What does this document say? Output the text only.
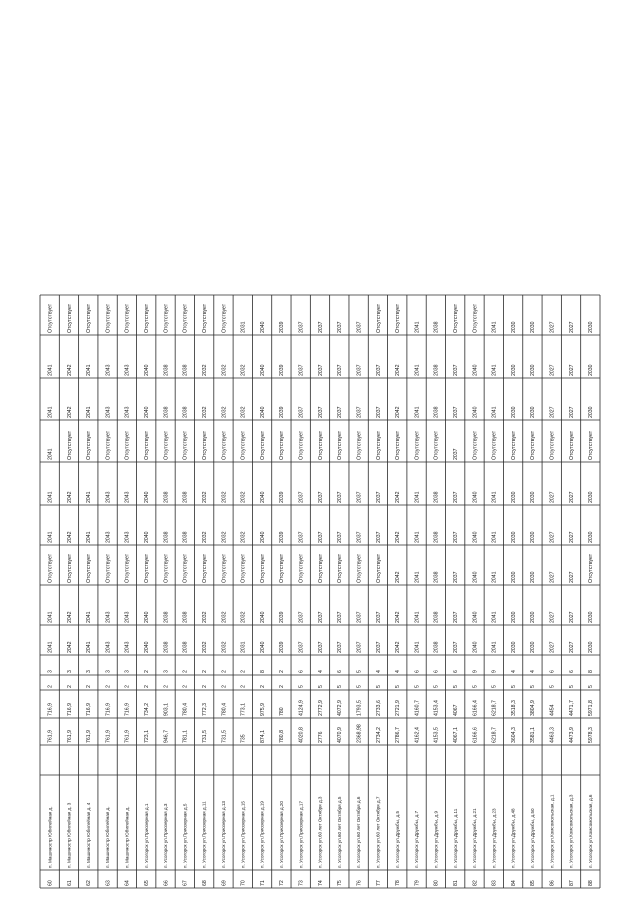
60
п. Машиностр Юбилейная д.
761,9
716,9
2
3
2041
2041
Отсутствует
2041
2041
2041
2041
2041
Отсутствует
61
п. Машиностр Юбилейная д. 3
761,9
716,9
2
3
2042
2042
Отсутствует
2042
2042
Отсутствует
2042
2042
Отсутствует
62
п. Машиностр Юбилейная д. 4
761,9
716,9
2
3
2041
2041
Отсутствует
2041
2041
Отсутствует
2041
2041
Отсутствует
63
п. Машиностр Юбилейная д.
761,9
716,9
2
3
2043
2043
Отсутствует
2043
2043
Отсутствует
2043
2043
Отсутствует
64
п. Машиностр Юбилейная д.
761,9
716,9
2
3
2043
2043
Отсутствует
2043
2043
Отсутствует
2043
2043
Отсутствует
65
п. Усогорск ул.Приозерная д.1
723,1
734,2
2
2
2040
2040
Отсутствует
2040
2040
Отсутствует
2040
2040
Отсутствует
66
п. Усогорск ул.Приозерная д.3
946,7
903,1
2
3
2038
2038
Отсутствует
2038
2038
Отсутствует
2038
2038
Отсутствует
67
п. Усогорск ул.Приозерная д.5
781,1
780,4
2
2
2038
2038
Отсутствует
2038
2038
Отсутствует
2038
2038
Отсутствует
68
п. Усогорск ул.Приозерная д.11
731,5
772,3
2
2
2032
2032
Отсутствует
2032
2032
Отсутствует
2032
2032
Отсутствует
69
п. Усогорск ул.Приозерная д.13
731,5
780,4
2
2
2032
2032
Отсутствует
2032
2032
Отсутствует
2032
2032
Отсутствует
70
п. Усогорск ул.Приозерная д.15
735
773,1
2
2
2031
2032
Отсутствует
2032
2032
Отсутствует
2032
2032
2031
71
п. Усогорск ул.Приозерная д.19
874,1
975,9
2
8
2040
2040
Отсутствует
2040
2040
Отсутствует
2040
2040
2040
72
п. Усогорск ул.Приозерная д.20
780,8
780
2
2
2039
2039
Отсутствует
2039
2039
Отсутствует
2039
2039
2039
73
п. Усогорск ул.Приозерная д.17
4020,8
4124,9
5
6
2037
2037
Отсутствует
2037
2037
Отсутствует
2037
2037
2037
74
п. Усогорск ул.60 лет Октября д.3
2776
2772,9
5
4
2037
2037
Отсутствует
2037
2037
Отсутствует
2037
2037
2037
75
п. Усогорск ул.60 лет Октября д.5
4070,9
4072,9
5
6
2037
2037
Отсутствует
2037
2037
Отсутствует
2037
2037
2037
76
п. Усогорск ул.60 лет Октября д.6
2368,98
1793,5
5
5
2037
2037
Отсутствует
2037
2037
Отсутствует
2037
2037
2037
77
п. Усогорск ул.60 лет Октября д.7
2734,2
2733,6
5
4
2037
2037
Отсутствует
2037
2037
Отсутствует
2037
2037
Отсутствует
78
п. Усогорск ул.Дружбы, д.5
2786,7
2721,9
5
4
2042
2042
2042
2042
2042
Отсутствует
2042
2042
Отсутствует
79
п. Усогорск ул.Дружбы, д.7
4162,4
4160,7
5
6
2041
2041
2041
2041
2041
Отсутствует
2041
2041
2041
80
п. Усогорск ул.Дружбы, д.9
4153,5
4153,4
5
6
2038
2038
2038
2038
2038
Отсутствует
2038
2038
2038
81
п. Усогорск ул.Дружбы, д.11
4067,1
4067
5
6
2037
2037
2037
2037
2037
2037
2037
2037
Отсутствует
82
п. Усогорск ул.Дружбы, д.21
6166,6
6166,4
5
9
2040
2040
2040
2040
2040
Отсутствует
2040
2040
Отсутствует
83
п. Усогорск ул.Дружбы, д.23
6218,7
6218,7
5
9
2041
2041
2041
2041
2041
Отсутствует
2041
2041
2041
84
п. Усогорск ул.Дружбы, д.48
3604,3
3518,3
5
4
2030
2030
2030
2030
2030
Отсутствует
2030
2030
2030
85
п. Усогорск ул.Дружбы, д.50
3581,1
3804,9
5
4
2030
2030
2030
2030
2030
Отсутствует
2030
2030
2030
86
п. Усогорск ул.Комсомольская, д.1
4463,3
4454
5
6
2027
2027
2027
2027
2027
Отсутствует
2027
2027
2027
87
п. Усогорск ул.Комсомольская, д.3
4473,9
4471,7
5
6
2027
2027
2027
2027
2027
Отсутствует
2027
2027
2027
88
п. Усогорск ул.Комсомольская, д.6
5978,3
5971,8
5
8
2030
2030
Отсутствует
2030
2030
Отсутствует
2030
2030
2030
